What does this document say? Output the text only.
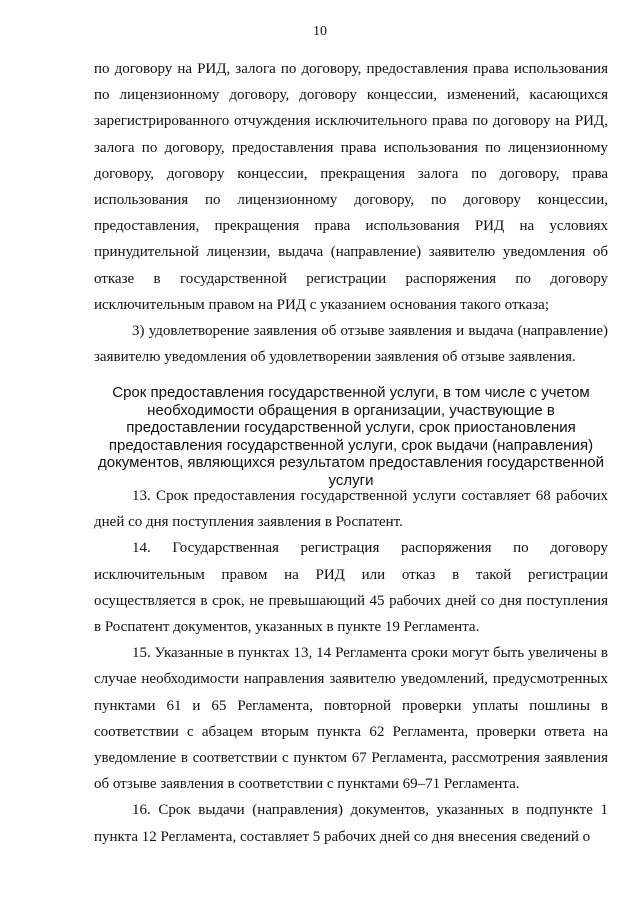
10

по договору на РИД, залога по договору, предоставления права использования по лицензионному договору, договору концессии, изменений, касающихся зарегистрированного отчуждения исключительного права по договору на РИД, залога по договору, предоставления права использования по лицензионному договору, договору концессии, прекращения залога по договору, права использования по лицензионному договору, по договору концессии, предоставления, прекращения права использования РИД на условиях принудительной лицензии, выдача (направление) заявителю уведомления об отказе в государственной регистрации распоряжения по договору исключительным правом на РИД с указанием основания такого отказа;

3) удовлетворение заявления об отзыве заявления и выдача (направление) заявителю уведомления об удовлетворении заявления об отзыве заявления.

Срок предоставления государственной услуги, в том числе с учетом необходимости обращения в организации, участвующие в предоставлении государственной услуги, срок приостановления предоставления государственной услуги, срок выдачи (направления) документов, являющихся результатом предоставления государственной услуги

13. Срок предоставления государственной услуги составляет 68 рабочих дней со дня поступления заявления в Роспатент.

14. Государственная регистрация распоряжения по договору исключительным правом на РИД или отказ в такой регистрации осуществляется в срок, не превышающий 45 рабочих дней со дня поступления в Роспатент документов, указанных в пункте 19 Регламента.

15. Указанные в пунктах 13, 14 Регламента сроки могут быть увеличены в случае необходимости направления заявителю уведомлений, предусмотренных пунктами 61 и 65 Регламента, повторной проверки уплаты пошлины в соответствии с абзацем вторым пункта 62 Регламента, проверки ответа на уведомление в соответствии с пунктом 67 Регламента, рассмотрения заявления об отзыве заявления в соответствии с пунктами 69–71 Регламента.

16. Срок выдачи (направления) документов, указанных в подпункте 1 пункта 12 Регламента, составляет 5 рабочих дней со дня внесения сведений о
